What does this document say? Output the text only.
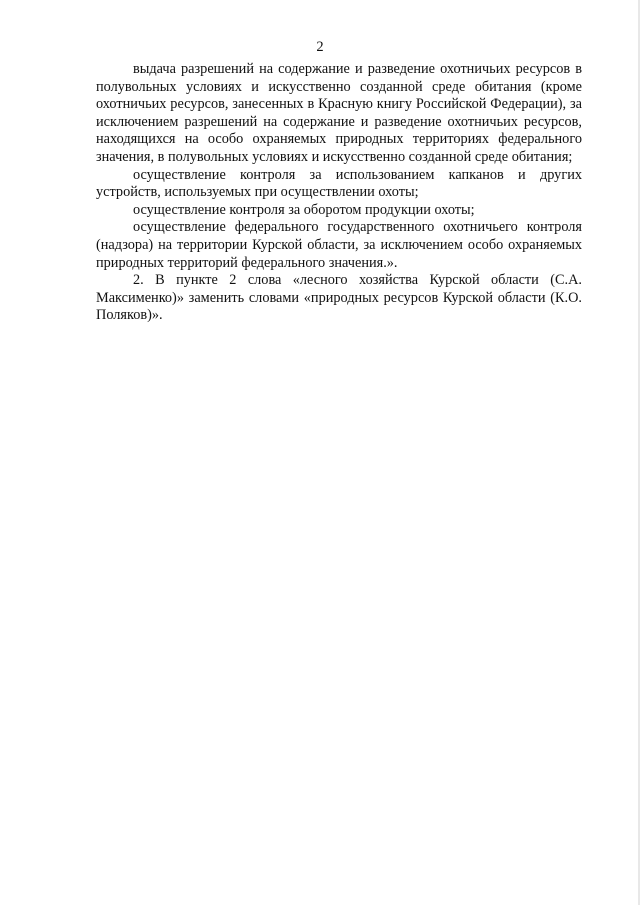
2

выдача разрешений на содержание и разведение охотничьих ресурсов в полувольных условиях и искусственно созданной среде обитания (кроме охотничьих ресурсов, занесенных в Красную книгу Российской Федерации), за исключением разрешений на содержание и разведение охотничьих ресурсов, находящихся на особо охраняемых природных территориях федерального значения, в полувольных условиях и искусственно созданной среде обитания;

осуществление контроля за использованием капканов и других устройств, используемых при осуществлении охоты;

осуществление контроля за оборотом продукции охоты;

осуществление федерального государственного охотничьего контроля (надзора) на территории Курской области, за исключением особо охраняемых природных территорий федерального значения.».

2. В пункте 2 слова «лесного хозяйства Курской области (С.А. Максименко)» заменить словами «природных ресурсов Курской области (К.О. Поляков)».
